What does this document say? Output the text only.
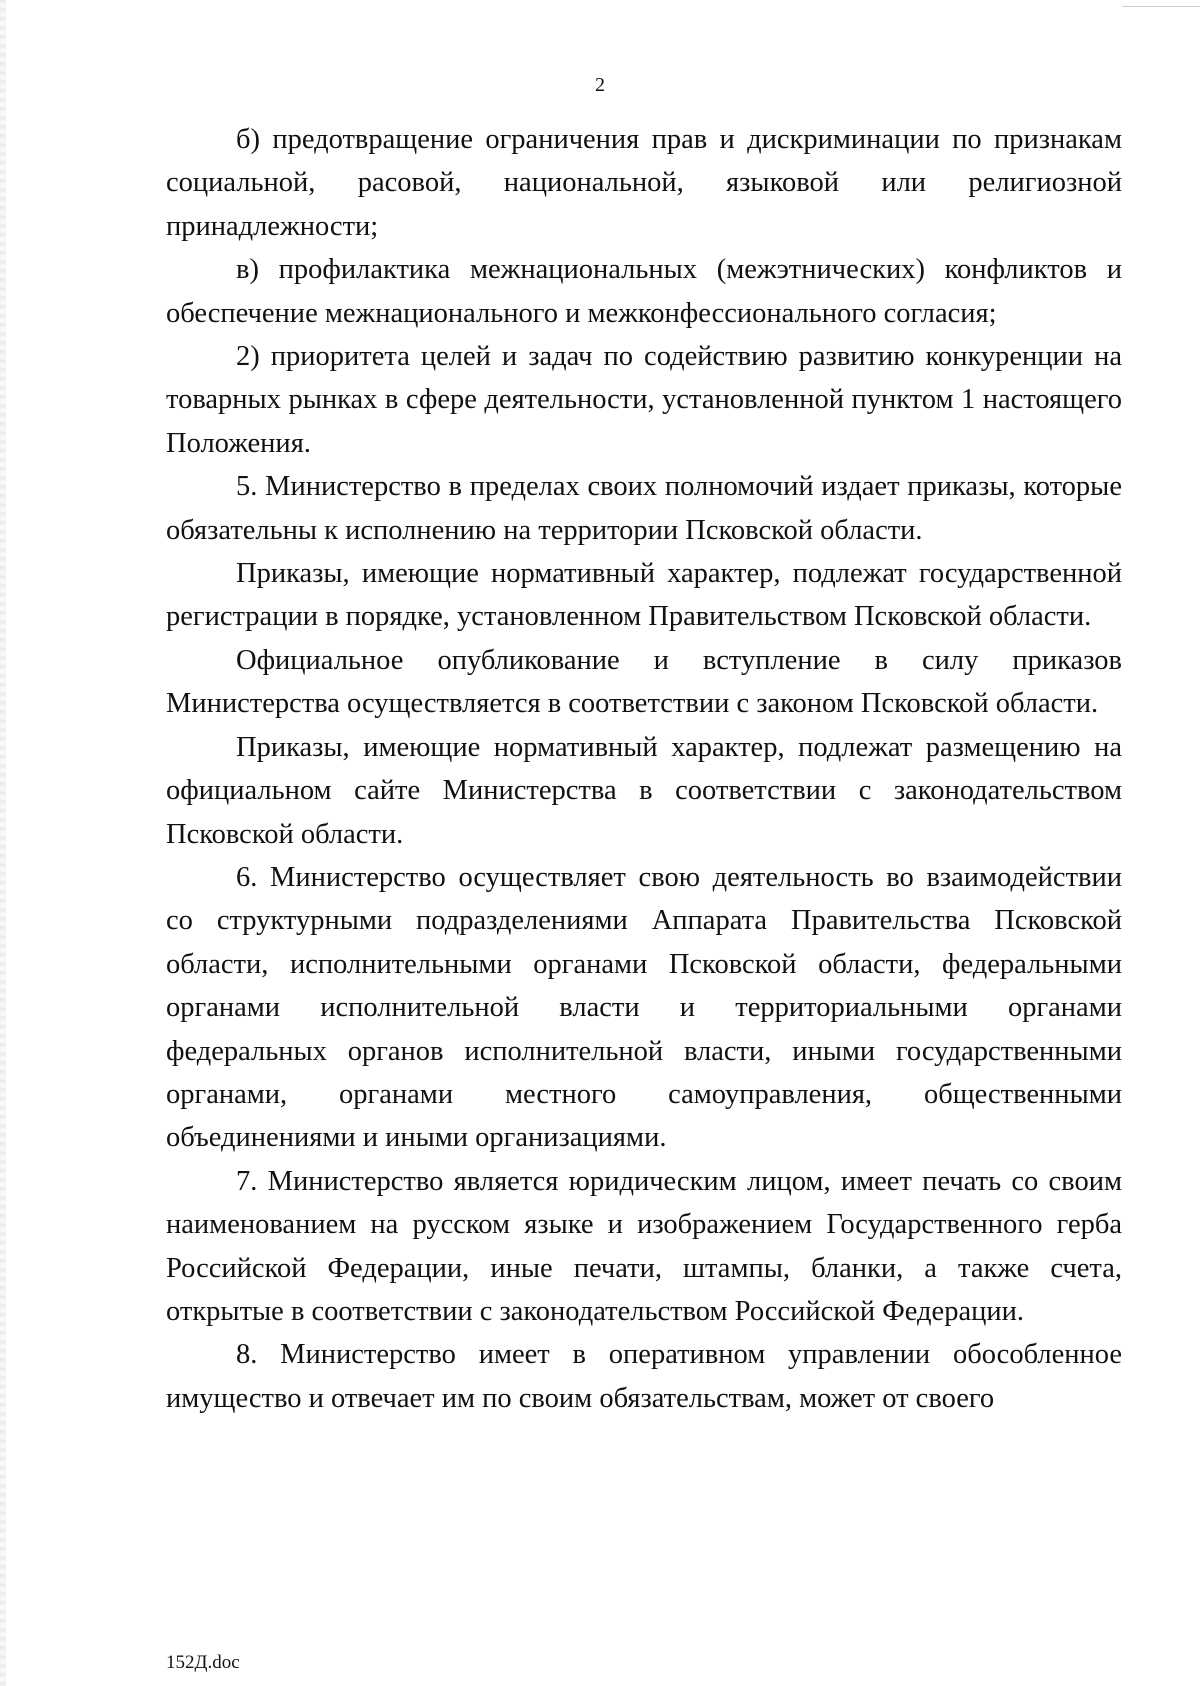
2

б) предотвращение ограничения прав и дискриминации по признакам социальной, расовой, национальной, языковой или религиозной принадлежности;

в) профилактика межнациональных (межэтнических) конфликтов и обеспечение межнационального и межконфессионального согласия;

2) приоритета целей и задач по содействию развитию конкуренции на товарных рынках в сфере деятельности, установленной пунктом 1 настоящего Положения.

5. Министерство в пределах своих полномочий издает приказы, которые обязательны к исполнению на территории Псковской области.

Приказы, имеющие нормативный характер, подлежат государственной регистрации в порядке, установленном Правительством Псковской области.

Официальное опубликование и вступление в силу приказов Министерства осуществляется в соответствии с законом Псковской области.

Приказы, имеющие нормативный характер, подлежат размещению на официальном сайте Министерства в соответствии с законодательством Псковской области.

6. Министерство осуществляет свою деятельность во взаимодействии со структурными подразделениями Аппарата Правительства Псковской области, исполнительными органами Псковской области, федеральными органами исполнительной власти и территориальными органами федеральных органов исполнительной власти, иными государственными органами, органами местного самоуправления, общественными объединениями и иными организациями.

7. Министерство является юридическим лицом, имеет печать со своим наименованием на русском языке и изображением Государственного герба Российской Федерации, иные печати, штампы, бланки, а также счета, открытые в соответствии с законодательством Российской Федерации.

8. Министерство имеет в оперативном управлении обособленное имущество и отвечает им по своим обязательствам, может от своего

152Д.doc
